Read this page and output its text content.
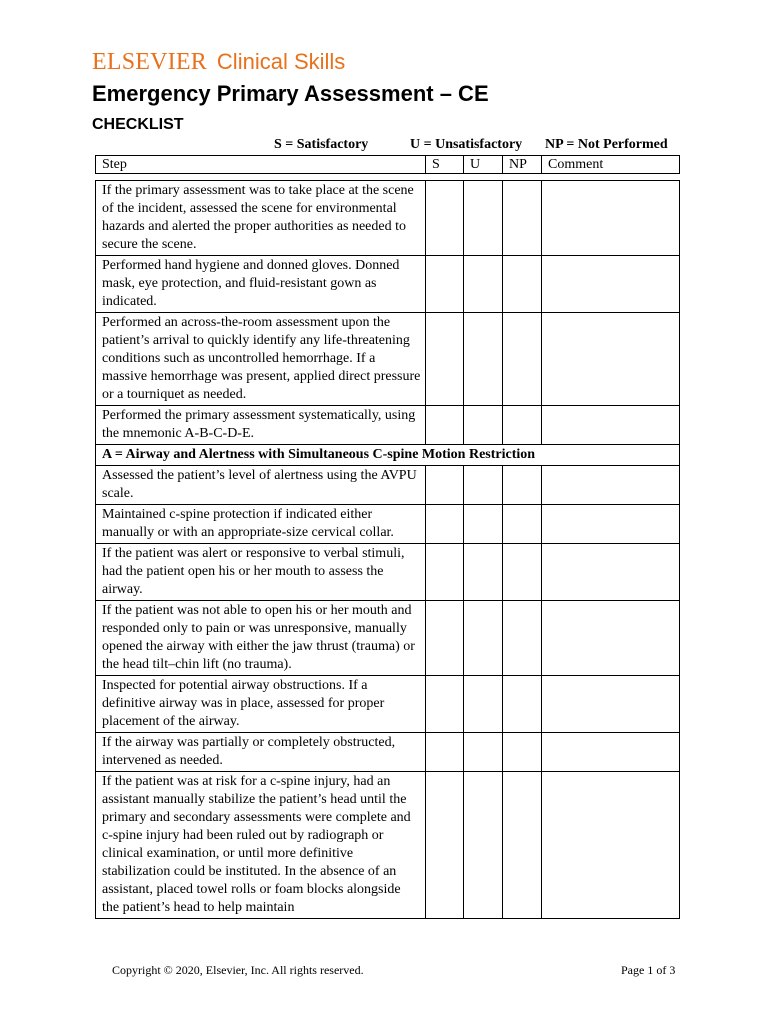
ELSEVIER Clinical Skills
Emergency Primary Assessment – CE
CHECKLIST
S = Satisfactory	U = Unsatisfactory NP = Not Performed
Step	S	U	NP	Comment
If the primary assessment was to take place at the scene of the incident, assessed the scene for environmental hazards and alerted the proper authorities as needed to secure the scene.				
Performed hand hygiene and donned gloves. Donned mask, eye protection, and fluid-resistant gown as indicated.				
Performed an across-the-room assessment upon the patient’s arrival to quickly identify any life-threatening conditions such as uncontrolled hemorrhage. If a massive hemorrhage was present, applied direct pressure or a tourniquet as needed.				
Performed the primary assessment systematically, using the mnemonic A-B-C-D-E.				
A = Airway and Alertness with Simultaneous C-spine Motion Restriction				
Assessed the patient’s level of alertness using the AVPU scale.				
Maintained c-spine protection if indicated either manually or with an appropriate-size cervical collar.				
If the patient was alert or responsive to verbal stimuli, had the patient open his or her mouth to assess the airway.				
If the patient was not able to open his or her mouth and responded only to pain or was unresponsive, manually opened the airway with either the jaw thrust (trauma) or the head tilt–chin lift (no trauma).				
Inspected for potential airway obstructions. If a definitive airway was in place, assessed for proper placement of the airway.				
If the airway was partially or completely obstructed, intervened as needed.				
If the patient was at risk for a c-spine injury, had an assistant manually stabilize the patient’s head until the primary and secondary assessments were complete and c-spine injury had been ruled out by radiograph or clinical examination, or until more definitive stabilization could be instituted. In the absence of an assistant, placed towel rolls or foam blocks alongside the patient’s head to help maintain				
Copyright © 2020, Elsevier, Inc. All rights reserved.	Page 1 of 3
